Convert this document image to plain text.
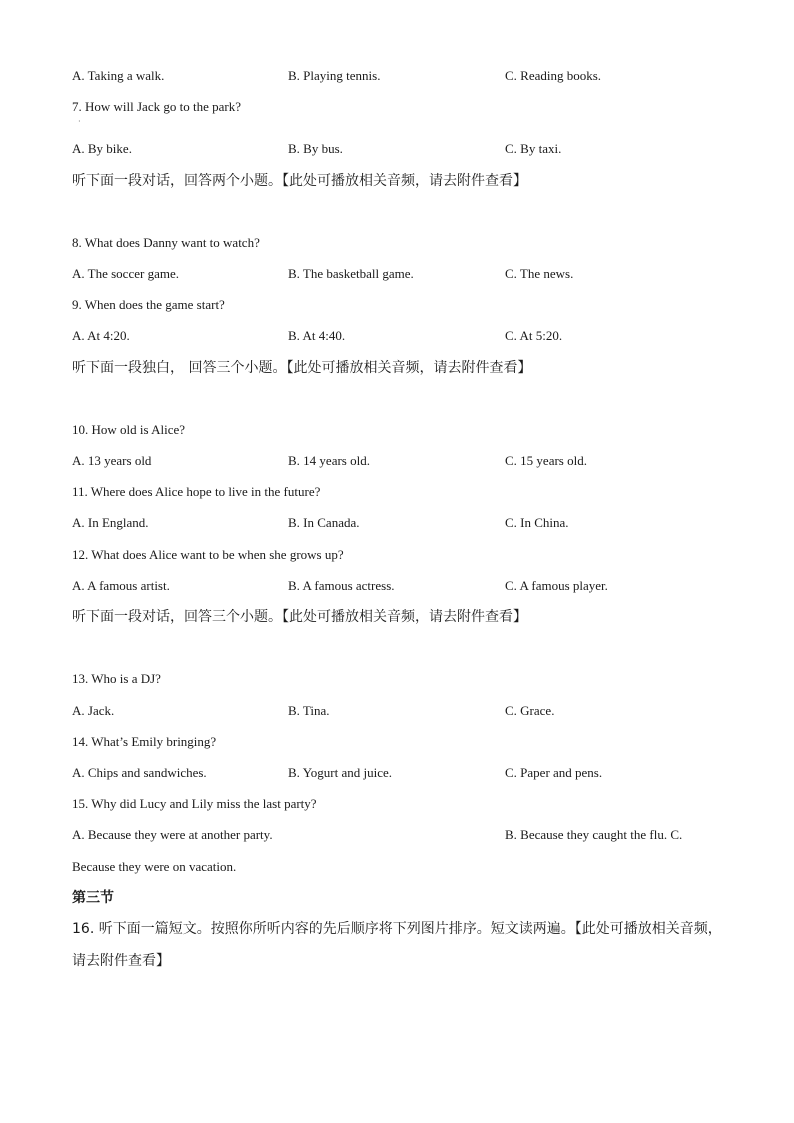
A. Taking a walk.	B. Playing tennis.	C. Reading books.
7. How will Jack go to the park?
·
A. By bike.	B. By bus.	C. By taxi.
听下面一段对话，回答两个小题。【此处可播放相关音频，请去附件查看】
8. What does Danny want to watch?
A. The soccer game.	B. The basketball game.	C. The news.
9. When does the game start?
A. At 4:20.	B. At 4:40.	C. At 5:20.
听下面一段独白， 回答三个小题。【此处可播放相关音频，请去附件查看】
10. How old is Alice?
A. 13 years old	B. 14 years old.	C. 15 years old.
11. Where does Alice hope to live in the future?
A. In England.	B. In Canada.	C. In China.
12. What does Alice want to be when she grows up?
A. A famous artist.	B. A famous actress.	C. A famous player.
听下面一段对话，回答三个小题。【此处可播放相关音频，请去附件查看】
13. Who is a DJ?
A. Jack.	B. Tina.	C. Grace.
14. What’s Emily bringing?
A. Chips and sandwiches.	B. Yogurt and juice.	C. Paper and pens.
15. Why did Lucy and Lily miss the last party?
A. Because they were at another party.	B. Because they caught the flu. C.
Because they were on vacation.
第三节
16. 听下面一篇短文。按照你所听内容的先后顺序将下列图片排序。短文读两遍。【此处可播放相关音频，
请去附件查看】
